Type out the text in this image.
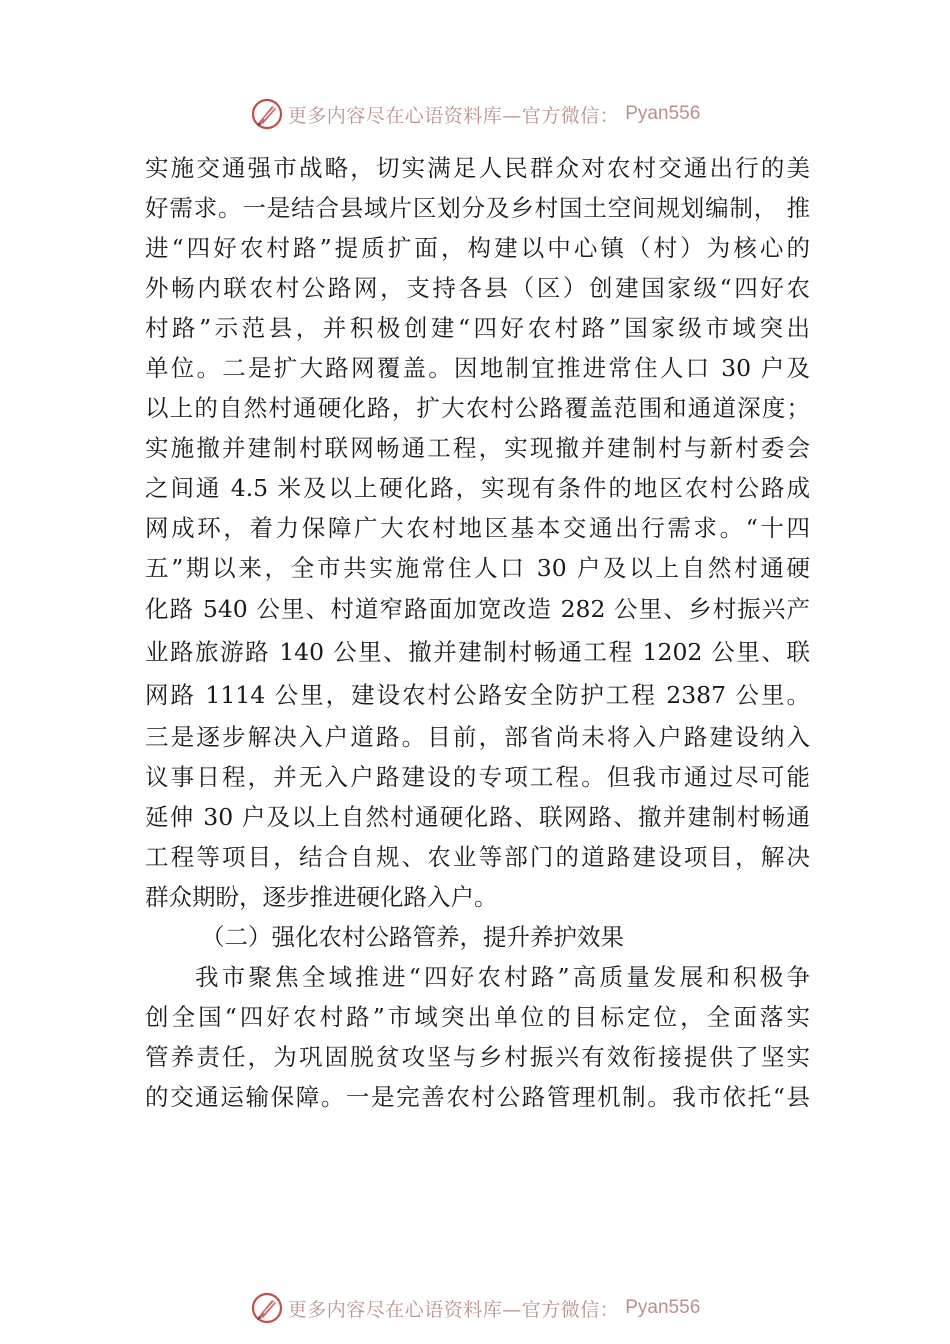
更多内容尽在心语资料库—官方微信： Pyan556
实施交通强市战略，切实满足人民群众对农村交通出行的美
好需求。一是结合县域片区划分及乡村国土空间规划编制， 推
进“四好农村路”提质扩面，构建以中心镇（村）为核心的
外畅内联农村公路网，支持各县（区）创建国家级“四好农
村路”示范县，并积极创建“四好农村路”国家级市域突出
单位。二是扩大路网覆盖。因地制宜推进常住人口 30 户及
以上的自然村通硬化路，扩大农村公路覆盖范围和通道深度；
实施撤并建制村联网畅通工程，实现撤并建制村与新村委会
之间通 4.5 米及以上硬化路，实现有条件的地区农村公路成
网成环，着力保障广大农村地区基本交通出行需求。“十四
五”期以来，全市共实施常住人口 30 户及以上自然村通硬
化路 540 公里、村道窄路面加宽改造 282 公里、乡村振兴产
业路旅游路 140 公里、撤并建制村畅通工程 1202 公里、联
网路 1114 公里，建设农村公路安全防护工程 2387 公里。
三是逐步解决入户道路。目前，部省尚未将入户路建设纳入
议事日程，并无入户路建设的专项工程。但我市通过尽可能
延伸 30 户及以上自然村通硬化路、联网路、撤并建制村畅通
工程等项目，结合自规、农业等部门的道路建设项目，解决
群众期盼，逐步推进硬化路入户。
（二）强化农村公路管养，提升养护效果
我市聚焦全域推进“四好农村路”高质量发展和积极争
创全国“四好农村路”市域突出单位的目标定位，全面落实
管养责任，为巩固脱贫攻坚与乡村振兴有效衔接提供了坚实
的交通运输保障。一是完善农村公路管理机制。我市依托“县
更多内容尽在心语资料库—官方微信： Pyan556
